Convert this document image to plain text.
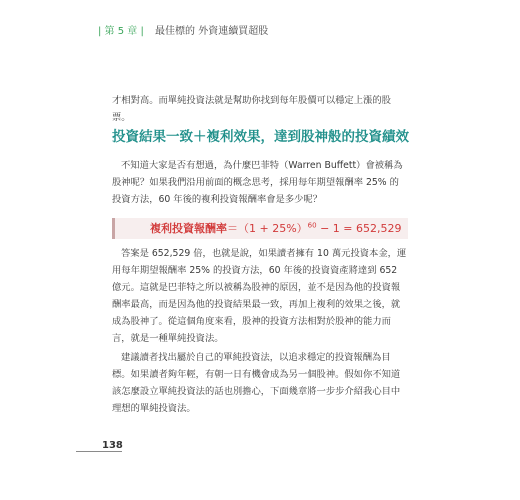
| 第 5 章 | 最佳標的 外資連續買超股

才相對高。而單純投資法就是幫助你找到每年股價可以穩定上漲的股票。

投資結果一致＋複利效果，達到股神般的投資績效

不知道大家是否有想過，為什麼巴菲特（Warren Buffett）會被稱為股神呢？如果我們沿用前面的概念思考，採用每年期望報酬率 25% 的投資方法，60 年後的複利投資報酬率會是多少呢？

複利投資報酬率$=(1 + 25\%)^{60} - 1 = 652,529$

答案是 652,529 倍，也就是說，如果讀者擁有 10 萬元投資本金，運用每年期望報酬率 25% 的投資方法，60 年後的投資資產將達到 652 億元。這就是巴菲特之所以被稱為股神的原因，並不是因為他的投資報酬率最高，而是因為他的投資結果最一致，再加上複利的效果之後，就成為股神了。從這個角度來看，股神的投資方法相對於股神的能力而言，就是一種單純投資法。

建議讀者找出屬於自己的單純投資法，以追求穩定的投資報酬為目標。如果讀者夠年輕，有朝一日有機會成為另一個股神。假如你不知道該怎麼設立單純投資法的話也別擔心，下面幾章將一步步介紹我心目中理想的單純投資法。

138
